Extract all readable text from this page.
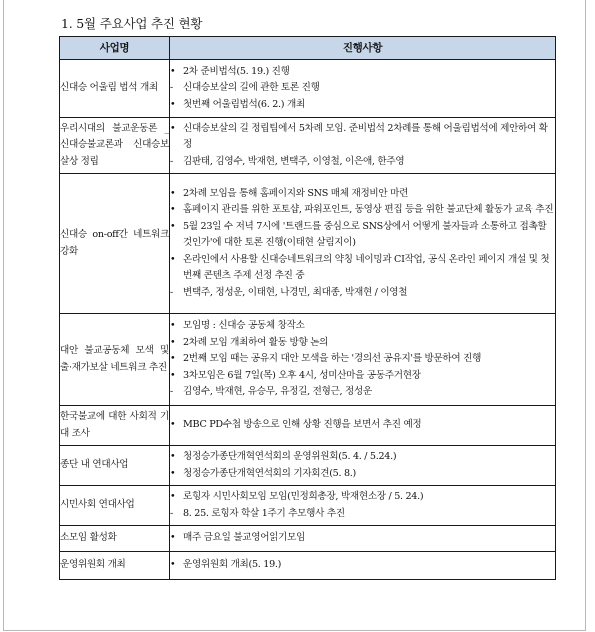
1. 5월 주요사업 추진 현황
사업명	진행사항
신대승 어울림 법석 개최	• 2차 준비법석(5. 19.) 진행
- 신대승보살의 길에 관한 토론 진행
• 첫번째 어울림법석(6. 2.) 개최

우리시대의 불교운동론 _ 신대승불교론과 신대승보살상 정립	• 신대승보살의 길 정립팀에서 5차례 모임. 준비법석 2차례를 통해 어울림법석에 제안하여 확정
- 김판태, 김영수, 박재현, 변택주, 이영철, 이은애, 한주영

신대승 on-off간 네트워크 강화	• 2차례 모임을 통해 홈페이지와 SNS 매체 재정비안 마련
• 홈페이지 관리를 위한 포토샵, 파워포인트, 동영상 편집 등을 위한 불교단체 활동가 교육 추진
• 5월 23일 수 저녁 7시에 '트랜드를 중심으로 SNS상에서 어떻게 불자들과 소통하고 접촉할 것인가'에 대한 토론 진행(이태현 살림지이)
• 온라인에서 사용할 신대승네트워크의 약칭 네이밍과 CI작업, 공식 온라인 페이지 개설 및 첫 번째 콘텐츠 주제 선정 추진 중
- 변택주, 정성운, 이태현, 나경민, 최대종, 박재현 / 이영철

대안 불교공동체 모색 및 출·재가보살 네트워크 추진	• 모임명 : 신대승 공동체 창작소
• 2차례 모임 개최하여 활동 방향 논의
• 2번째 모임 때는 공유지 대안 모색을 하는 '경의선 공유지'를 방문하여 진행
• 3차모임은 6월 7일(목) 오후 4시, 성미산마을 공동주거현장
- 김영수, 박재현, 유승무, 유정길, 전형근, 정성운

한국불교에 대한 사회적 기대 조사	• MBC PD수첩 방송으로 인해 상황 진행을 보면서 추진 예정

종단 내 연대사업	• 청정승가종단개혁연석회의 운영위원회(5. 4. / 5.24.)
• 청정승가종단개혁연석회의 기자회견(5. 8.)

시민사회 연대사업	• 로힝자 시민사회모임 모임(민정희총장, 박재현소장 / 5. 24.)
- 8. 25. 로힝자 학살 1주기 추모행사 추진

소모임 활성화	• 매주 금요일 불교영어읽기모임

운영위원회 개최	• 운영위원회 개최(5. 19.)
